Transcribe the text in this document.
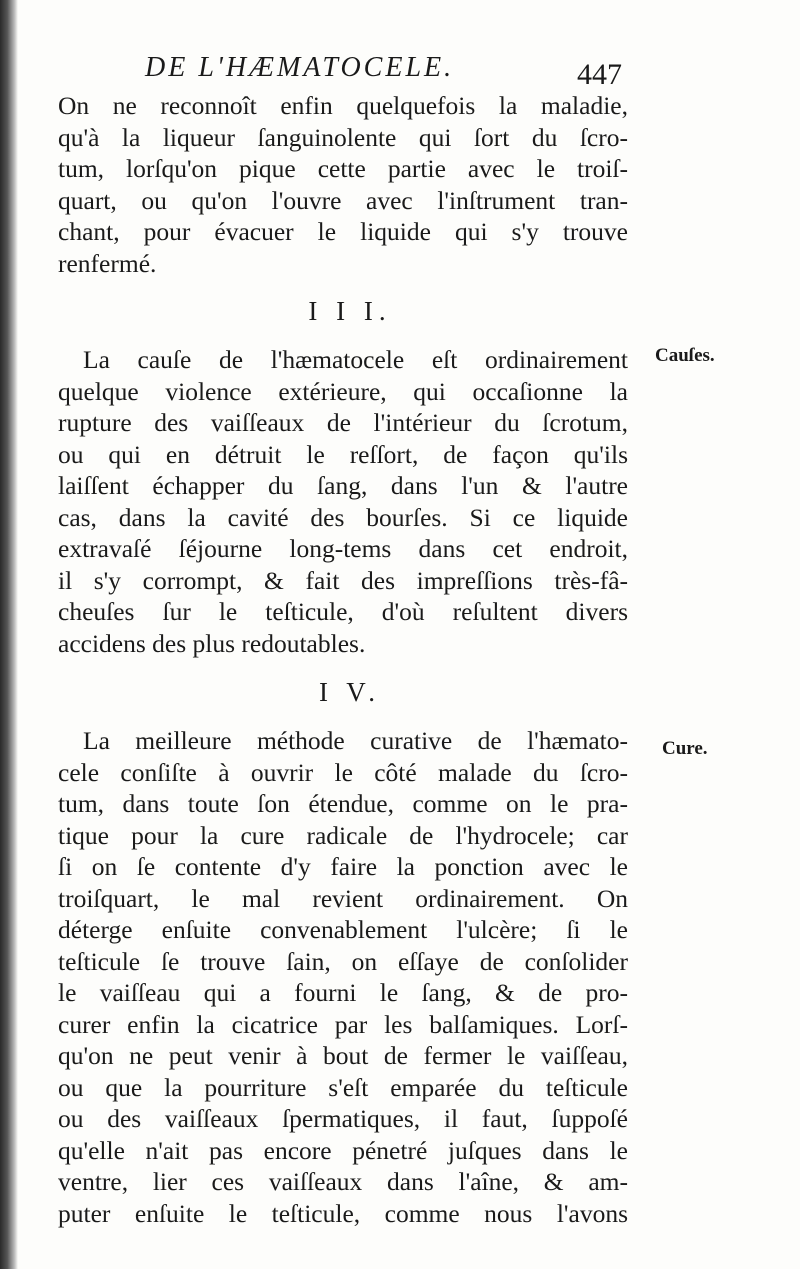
DE L'HÆMATOCELE.	447
On ne reconnoît enfin quelquefois la maladie,
qu'à la liqueur ſanguinolente qui ſort du ſcro-
tum, lorſqu'on pique cette partie avec le troiſ-
quart, ou qu'on l'ouvre avec l'inſtrument tran-
chant, pour évacuer le liquide qui s'y trouve
renfermé.
I I I.
Cauſes.
La cauſe de l'hæmatocele eſt ordinairement
quelque violence extérieure, qui occaſionne la
rupture des vaiſſeaux de l'intérieur du ſcrotum,
ou qui en détruit le reſſort, de façon qu'ils
laiſſent échapper du ſang, dans l'un & l'autre
cas, dans la cavité des bourſes. Si ce liquide
extravaſé ſéjourne long-tems dans cet endroit,
il s'y corrompt, & fait des impreſſions très-fâ-
cheuſes ſur le teſticule, d'où reſultent divers
accidens des plus redoutables.
I V.
Cure.
La meilleure méthode curative de l'hæmato-
cele conſiſte à ouvrir le côté malade du ſcro-
tum, dans toute ſon étendue, comme on le pra-
tique pour la cure radicale de l'hydrocele; car
ſi on ſe contente d'y faire la ponction avec le
troiſquart, le mal revient ordinairement. On
déterge enſuite convenablement l'ulcère; ſi le
teſticule ſe trouve ſain, on eſſaye de conſolider
le vaiſſeau qui a fourni le ſang, & de pro-
curer enfin la cicatrice par les balſamiques. Lorſ-
qu'on ne peut venir à bout de fermer le vaiſſeau,
ou que la pourriture s'eſt emparée du teſticule
ou des vaiſſeaux ſpermatiques, il faut, ſuppoſé
qu'elle n'ait pas encore pénetré juſques dans le
ventre, lier ces vaiſſeaux dans l'aîne, & am-
puter enſuite le teſticule, comme nous l'avons
